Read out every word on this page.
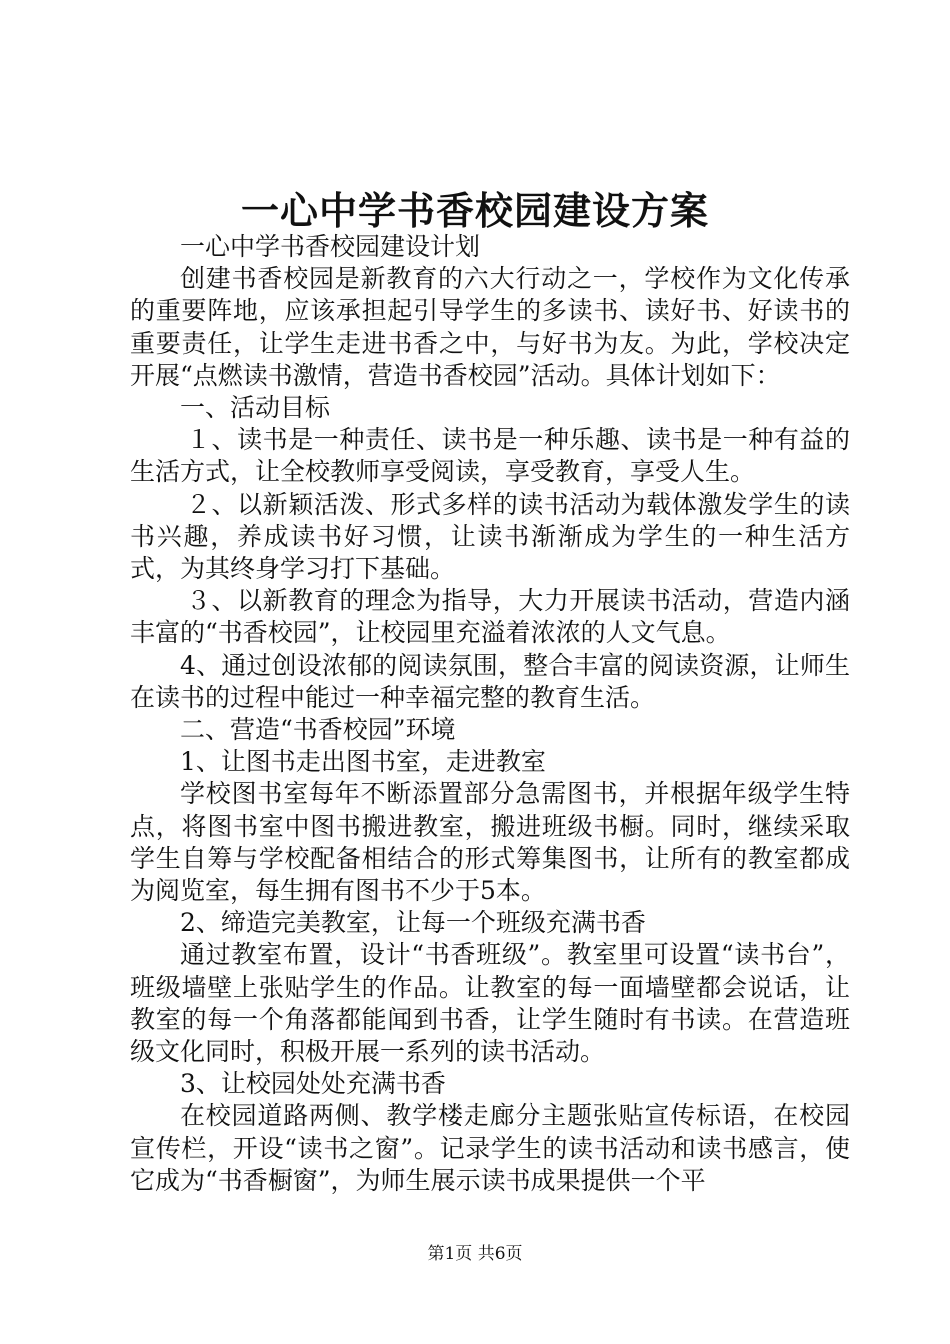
一心中学书香校园建设方案

一心中学书香校园建设计划

创建书香校园是新教育的六大行动之一，学校作为文化传承的重要阵地，应该承担起引导学生的多读书、读好书、好读书的重要责任，让学生走进书香之中，与好书为友。为此，学校决定开展“点燃读书激情，营造书香校园”活动。具体计划如下：

一、活动目标

１、读书是一种责任、读书是一种乐趣、读书是一种有益的生活方式，让全校教师享受阅读，享受教育，享受人生。

２、以新颖活泼、形式多样的读书活动为载体激发学生的读书兴趣，养成读书好习惯，让读书渐渐成为学生的一种生活方式，为其终身学习打下基础。

３、以新教育的理念为指导，大力开展读书活动，营造内涵丰富的“书香校园”，让校园里充溢着浓浓的人文气息。

4、通过创设浓郁的阅读氛围，整合丰富的阅读资源，让师生在读书的过程中能过一种幸福完整的教育生活。

二、营造“书香校园”环境

1、让图书走出图书室，走进教室

学校图书室每年不断添置部分急需图书，并根据年级学生特点，将图书室中图书搬进教室，搬进班级书橱。同时，继续采取学生自筹与学校配备相结合的形式筹集图书，让所有的教室都成为阅览室，每生拥有图书不少于5本。

2、缔造完美教室，让每一个班级充满书香

通过教室布置，设计“书香班级”。教室里可设置“读书台”，班级墙壁上张贴学生的作品。让教室的每一面墙壁都会说话，让教室的每一个角落都能闻到书香，让学生随时有书读。在营造班级文化同时，积极开展一系列的读书活动。

3、让校园处处充满书香

在校园道路两侧、教学楼走廊分主题张贴宣传标语，在校园宣传栏，开设“读书之窗”。记录学生的读书活动和读书感言，使它成为“书香橱窗”，为师生展示读书成果提供一个平

第1页 共6页
